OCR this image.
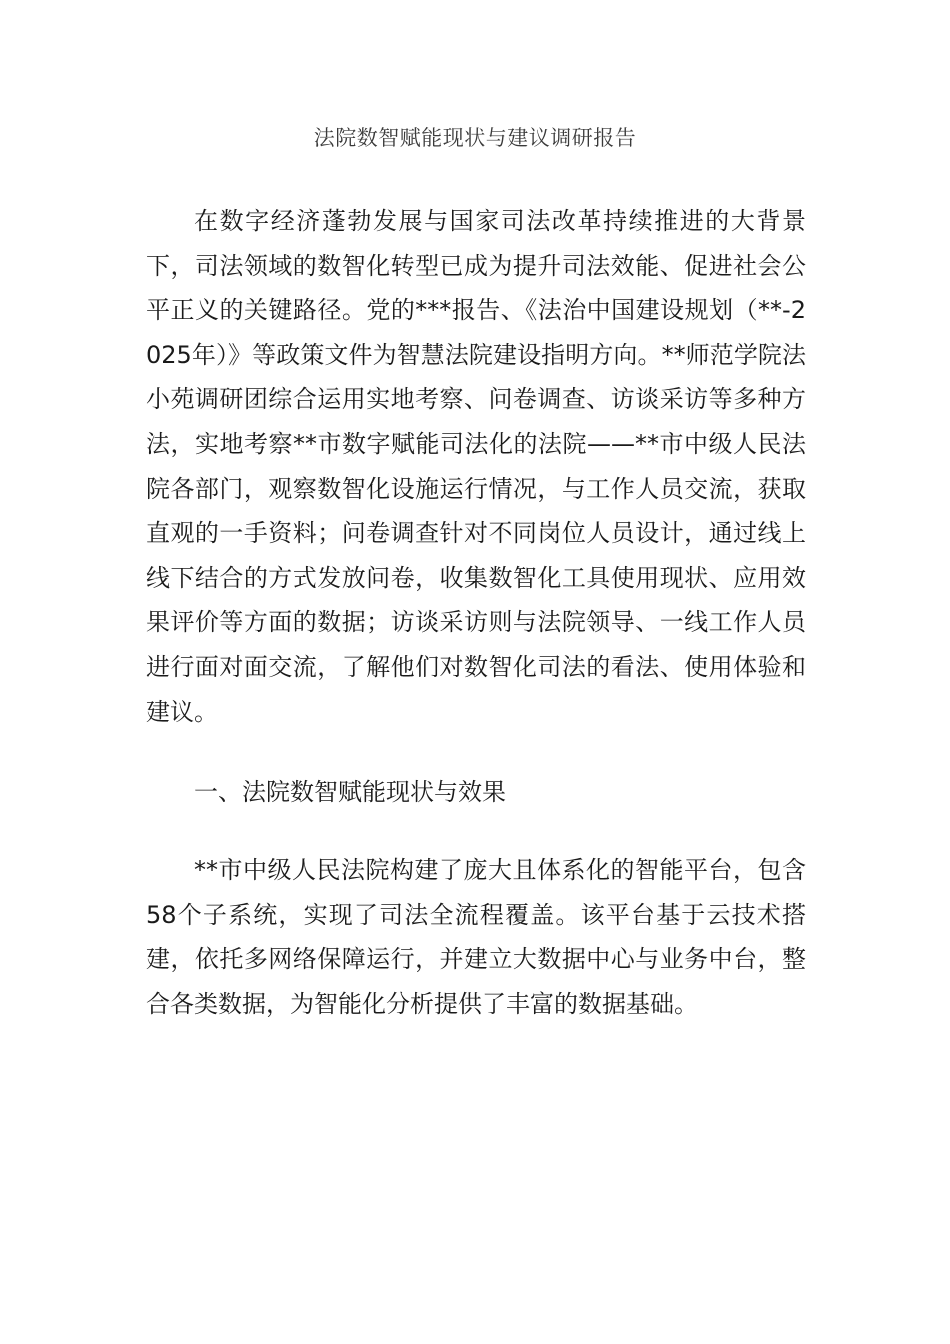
法院数智赋能现状与建议调研报告

在数字经济蓬勃发展与国家司法改革持续推进的大背景下，司法领域的数智化转型已成为提升司法效能、促进社会公平正义的关键路径。党的***报告、《法治中国建设规划（**-2025年）》等政策文件为智慧法院建设指明方向。**师范学院法小苑调研团综合运用实地考察、问卷调查、访谈采访等多种方法，实地考察**市数字赋能司法化的法院——**市中级人民法院各部门，观察数智化设施运行情况，与工作人员交流，获取直观的一手资料；问卷调查针对不同岗位人员设计，通过线上线下结合的方式发放问卷，收集数智化工具使用现状、应用效果评价等方面的数据；访谈采访则与法院领导、一线工作人员进行面对面交流，了解他们对数智化司法的看法、使用体验和建议。

一、法院数智赋能现状与效果

**市中级人民法院构建了庞大且体系化的智能平台，包含58个子系统，实现了司法全流程覆盖。该平台基于云技术搭建，依托多网络保障运行，并建立大数据中心与业务中台，整合各类数据，为智能化分析提供了丰富的数据基础。
